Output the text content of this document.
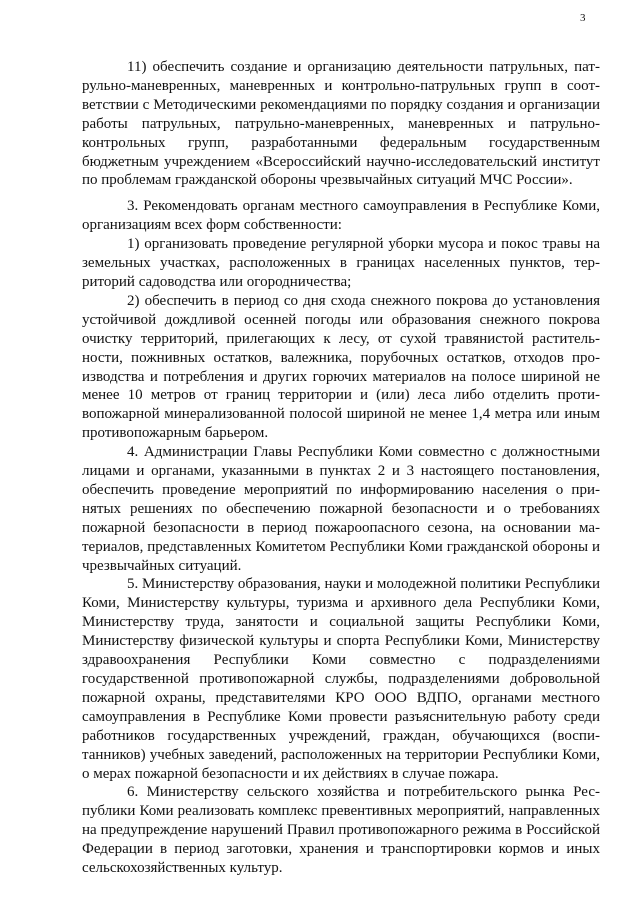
3

11) обеспечить создание и организацию деятельности патрульных, патрульно-маневренных, маневренных и контрольно-патрульных групп в соответствии с Методическими рекомендациями по порядку создания и организации работы патрульных, патрульно-маневренных, маневренных и патрульно-контрольных групп, разработанными федеральным государственным бюджетным учреждением «Всероссийский научно-исследовательский институт по проблемам гражданской обороны чрезвычайных ситуаций МЧС России».

3. Рекомендовать органам местного самоуправления в Республике Коми, организациям всех форм собственности:

1) организовать проведение регулярной уборки мусора и покос травы на земельных участках, расположенных в границах населенных пунктов, территорий садоводства или огородничества;

2) обеспечить в период со дня схода снежного покрова до установления устойчивой дождливой осенней погоды или образования снежного покрова очистку территорий, прилегающих к лесу, от сухой травянистой растительности, пожнивных остатков, валежника, порубочных остатков, отходов производства и потребления и других горючих материалов на полосе шириной не менее 10 метров от границ территории и (или) леса либо отделить противопожарной минерализованной полосой шириной не менее 1,4 метра или иным противопожарным барьером.

4. Администрации Главы Республики Коми совместно с должностными лицами и органами, указанными в пунктах 2 и 3 настоящего постановления, обеспечить проведение мероприятий по информированию населения о принятых решениях по обеспечению пожарной безопасности и о требованиях пожарной безопасности в период пожароопасного сезона, на основании материалов, представленных Комитетом Республики Коми гражданской обороны и чрезвычайных ситуаций.

5. Министерству образования, науки и молодежной политики Республики Коми, Министерству культуры, туризма и архивного дела Республики Коми, Министерству труда, занятости и социальной защиты Республики Коми, Министерству физической культуры и спорта Республики Коми, Министерству здравоохранения Республики Коми совместно с подразделениями государственной противопожарной службы, подразделениями добровольной пожарной охраны, представителями КРО ООО ВДПО, органами местного самоуправления в Республике Коми провести разъяснительную работу среди работников государственных учреждений, граждан, обучающихся (воспитанников) учебных заведений, расположенных на территории Республики Коми, о мерах пожарной безопасности и их действиях в случае пожара.

6. Министерству сельского хозяйства и потребительского рынка Республики Коми реализовать комплекс превентивных мероприятий, направленных на предупреждение нарушений Правил противопожарного режима в Российской Федерации в период заготовки, хранения и транспортировки кормов и иных сельскохозяйственных культур.
